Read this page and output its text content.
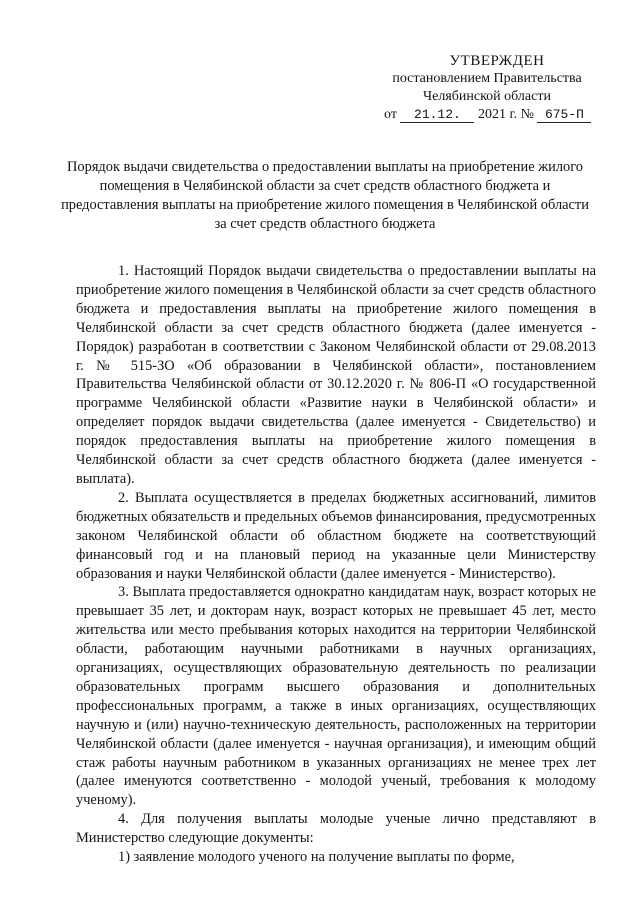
УТВЕРЖДЕН
постановлением Правительства
Челябинской области
от 21.12. 2021 г. № 675-П
Порядок выдачи свидетельства о предоставлении выплаты на приобретение жилого помещения в Челябинской области за счет средств областного бюджета и предоставления выплаты на приобретение жилого помещения в Челябинской области за счет средств областного бюджета

1. Настоящий Порядок выдачи свидетельства о предоставлении выплаты на приобретение жилого помещения в Челябинской области за счет средств областного бюджета и предоставления выплаты на приобретение жилого помещения в Челябинской области за счет средств областного бюджета (далее именуется - Порядок) разработан в соответствии с Законом Челябинской области от 29.08.2013 г. № 515-ЗО «Об образовании в Челябинской области», постановлением Правительства Челябинской области от 30.12.2020 г. № 806-П «О государственной программе Челябинской области «Развитие науки в Челябинской области» и определяет порядок выдачи свидетельства (далее именуется - Свидетельство) и порядок предоставления выплаты на приобретение жилого помещения в Челябинской области за счет средств областного бюджета (далее именуется - выплата).

2. Выплата осуществляется в пределах бюджетных ассигнований, лимитов бюджетных обязательств и предельных объемов финансирования, предусмотренных законом Челябинской области об областном бюджете на соответствующий финансовый год и на плановый период на указанные цели Министерству образования и науки Челябинской области (далее именуется - Министерство).

3. Выплата предоставляется однократно кандидатам наук, возраст которых не превышает 35 лет, и докторам наук, возраст которых не превышает 45 лет, место жительства или место пребывания которых находится на территории Челябинской области, работающим научными работниками в научных организациях, организациях, осуществляющих образовательную деятельность по реализации образовательных программ высшего образования и дополнительных профессиональных программ, а также в иных организациях, осуществляющих научную и (или) научно-техническую деятельность, расположенных на территории Челябинской области (далее именуется - научная организация), и имеющим общий стаж работы научным работником в указанных организациях не менее трех лет (далее именуются соответственно - молодой ученый, требования к молодому ученому).

4. Для получения выплаты молодые ученые лично представляют в Министерство следующие документы:

1) заявление молодого ученого на получение выплаты по форме,
